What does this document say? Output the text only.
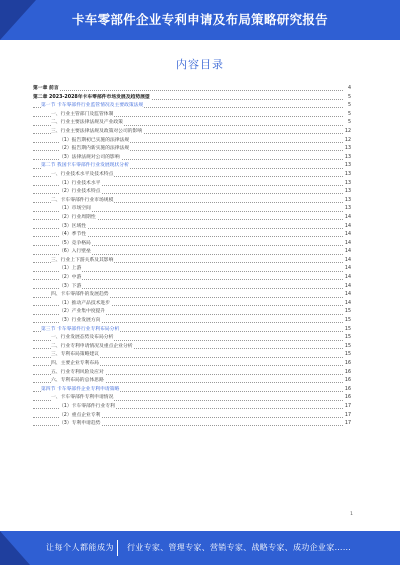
卡车零部件企业专利申请及布局策略研究报告
内容目录
第一章 前言	4
第二章 2023-2028年卡车零部件市场发展及趋势展望	5
第一节 卡车零部件行业监管情况及主要政策法规	5
一、行业主管部门及监管体制	5
二、行业主要法律法规及产业政策	5
三、行业主要法律法规及政策对公司的影响	12
（1）报告期初已实施的法律法规	12
（2）报告期内新实施的法律法规	13
（3）法律法规对公司的影响	13
第二节 我国卡车零部件行业发展现状分析	13
一、行业技术水平及技术特点	13
（1）行业技术水平	13
（2）行业技术特点	13
二、卡车零部件行业市场规模	13
（1）市场空间	13
（2）行业周期性	14
（3）区域性	14
（4）季节性	14
（5）竞争格局	14
（6）入行壁垒	14
三、行业上下游关系及其影响	14
（1）上游	14
（2）中游	14
（3）下游	14
四、卡车零部件的发展趋势	14
（1）推动产品技术进步	14
（2）产业集中度提升	15
（3）行业发展方向	15
第三节 卡车零部件行业专利布局分析	15
一、行业发展态势及布局分析	15
二、行业专利申请情况及重点企业分析	15
三、专利布局策略建议	15
四、主要企业专利布局	16
五、行业专利风险及应对	16
六、专利布局的总体思路	16
第四节 卡车零部件企业专利申请策略	16
一、卡车零部件专利申请情况	16
（1）卡车零部件行业专利	17
（2）重点企业专利	17
（3）专利申请趋势	17
1
让每个人都能成为 行业专家、管理专家、营销专家、战略专家、成功企业家……
